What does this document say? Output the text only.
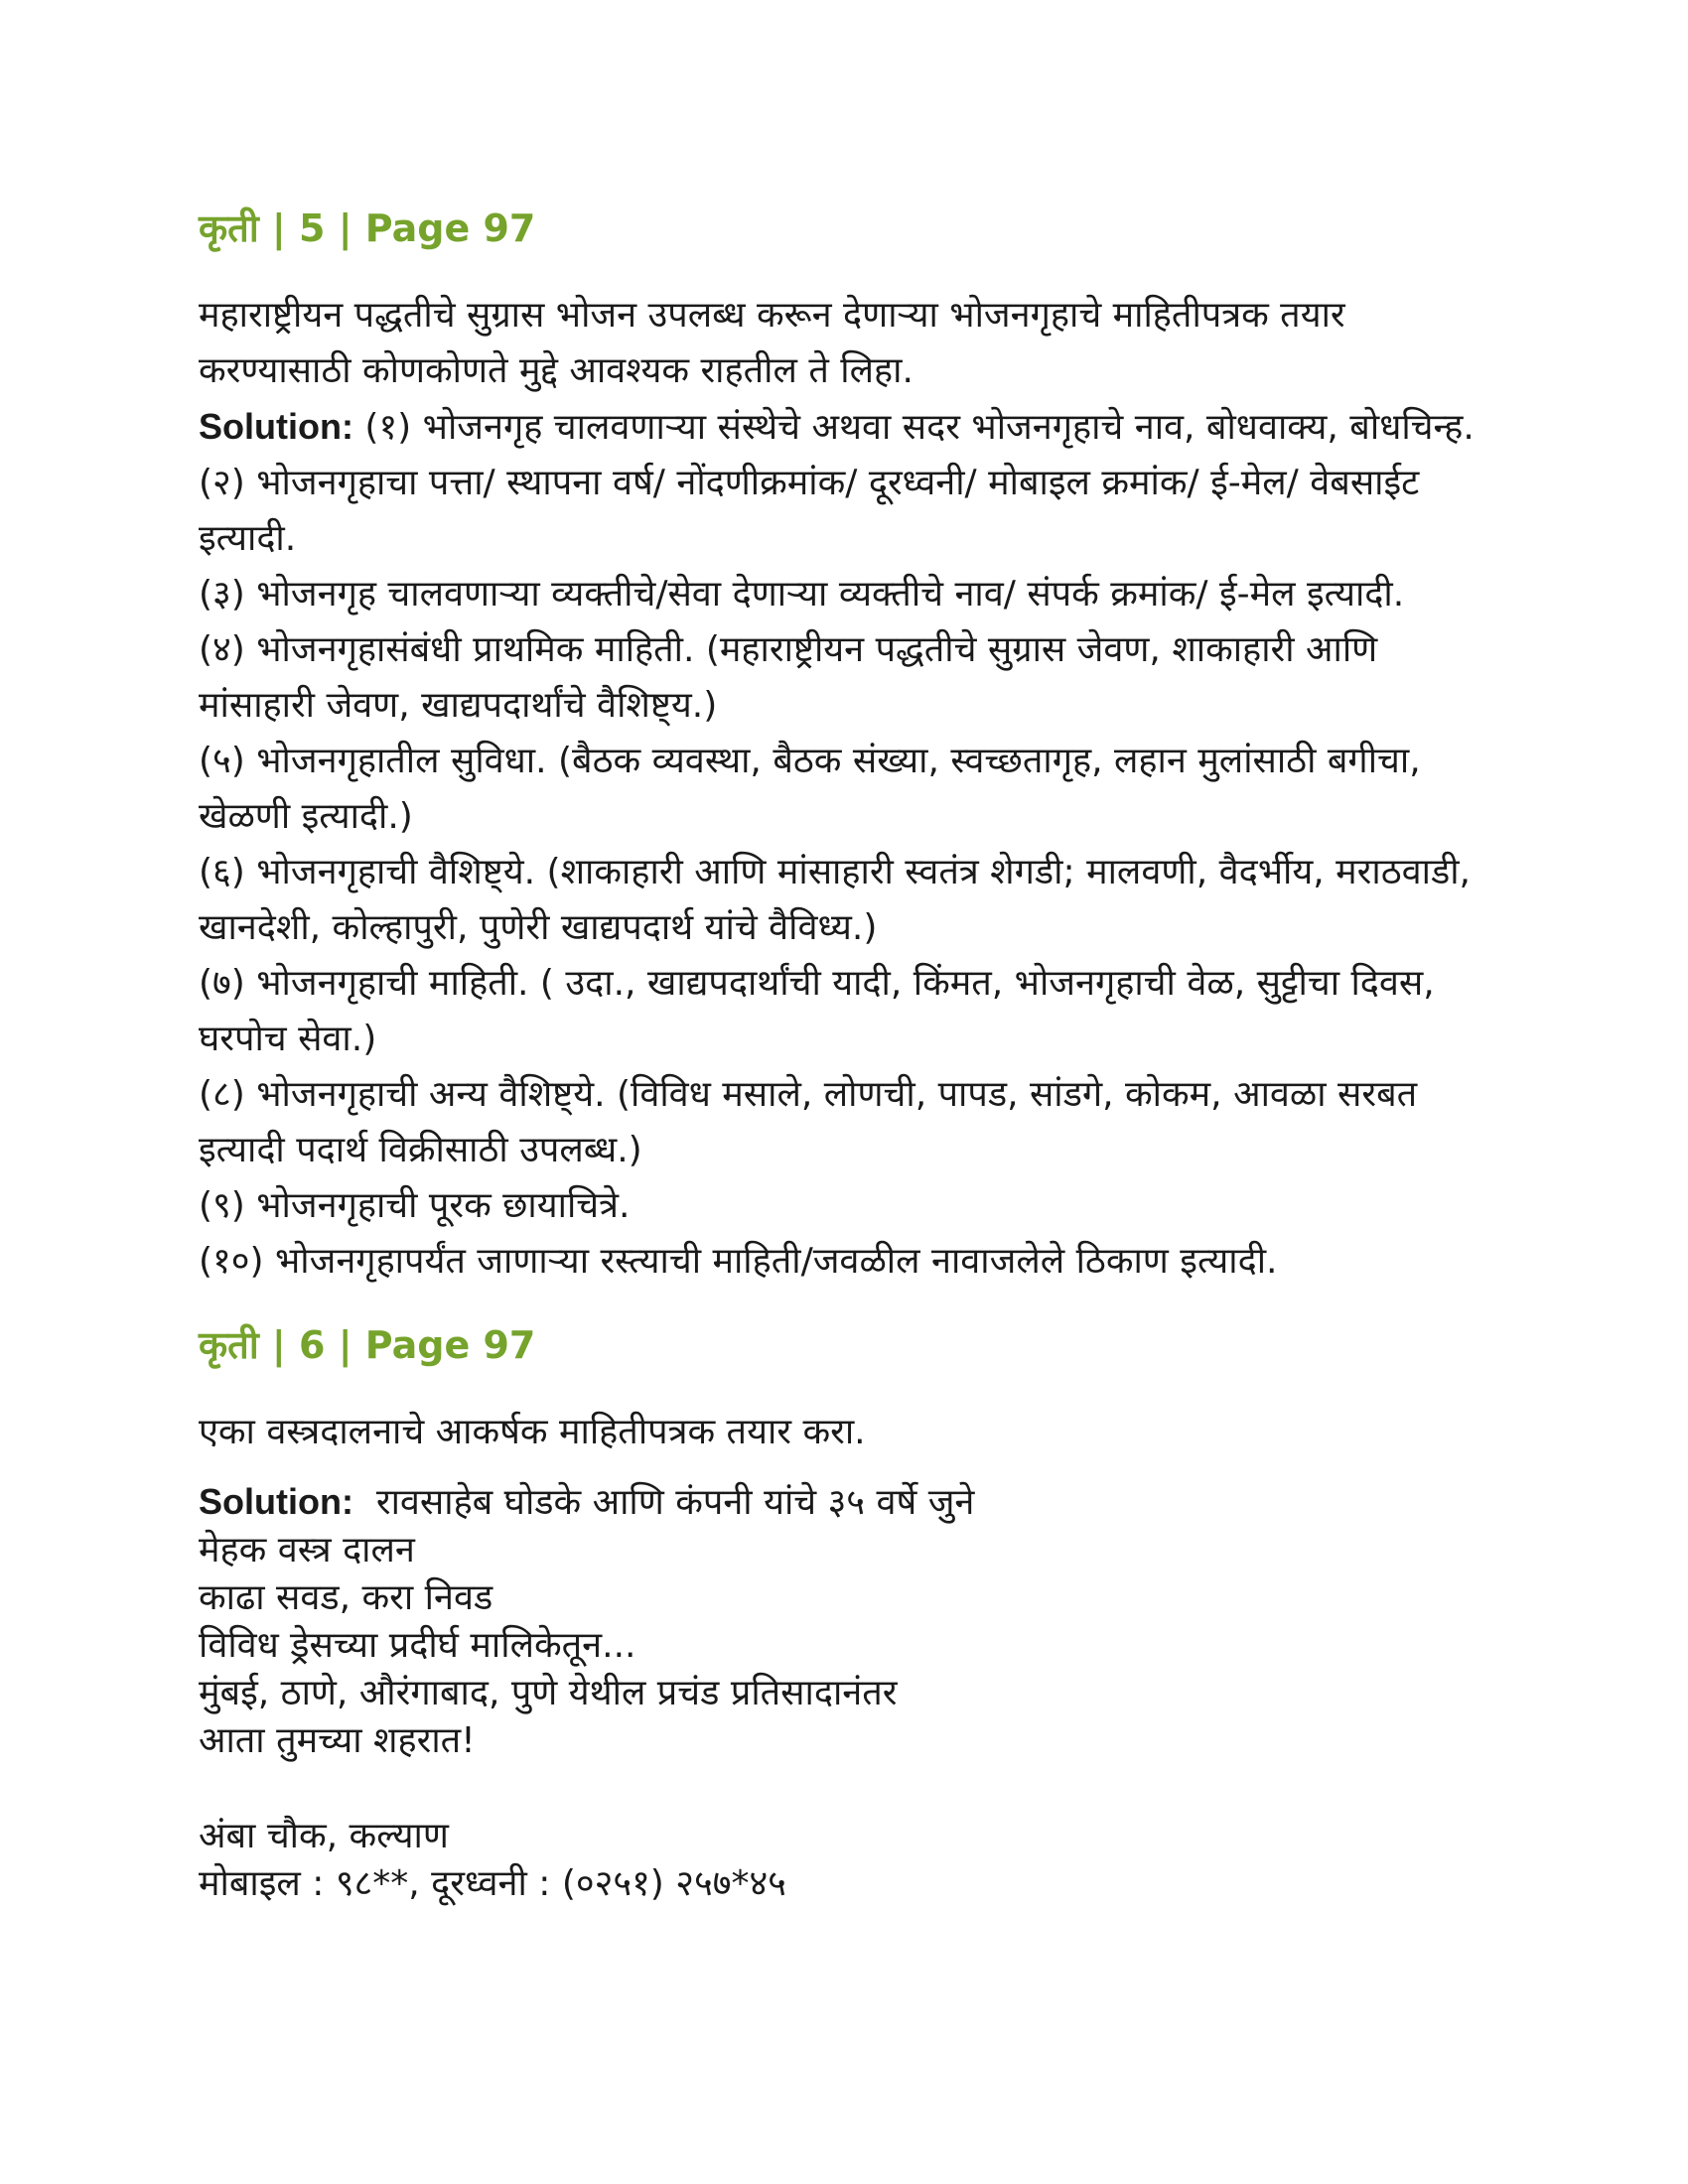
कृती | 5 | Page 97

महाराष्ट्रीयन पद्धतीचे सुग्रास भोजन उपलब्ध करून देणाऱ्या भोजनगृहाचे माहितीपत्रक तयार करण्यासाठी कोणकोणते मुद्दे आवश्यक राहतील ते लिहा.

Solution: (१) भोजनगृह चालवणाऱ्या संस्थेचे अथवा सदर भोजनगृहाचे नाव, बोधवाक्य, बोधचिन्ह.

(२) भोजनगृहाचा पत्ता/ स्थापना वर्ष/ नोंदणीक्रमांक/ दूरध्वनी/ मोबाइल क्रमांक/ ई-मेल/ वेबसाईट इत्यादी.

(३) भोजनगृह चालवणाऱ्या व्यक्तीचे/सेवा देणाऱ्या व्यक्तीचे नाव/ संपर्क क्रमांक/ ई-मेल इत्यादी.

(४) भोजनगृहासंबंधी प्राथमिक माहिती. (महाराष्ट्रीयन पद्धतीचे सुग्रास जेवण, शाकाहारी आणि मांसाहारी जेवण, खाद्यपदार्थांचे वैशिष्ट्य.)

(५) भोजनगृहातील सुविधा. (बैठक व्यवस्था, बैठक संख्या, स्वच्छतागृह, लहान मुलांसाठी बगीचा, खेळणी इत्यादी.)

(६) भोजनगृहाची वैशिष्ट्ये. (शाकाहारी आणि मांसाहारी स्वतंत्र शेगडी; मालवणी, वैदर्भीय, मराठवाडी, खानदेशी, कोल्हापुरी, पुणेरी खाद्यपदार्थ यांचे वैविध्य.)

(७) भोजनगृहाची माहिती. ( उदा., खाद्यपदार्थांची यादी, किंमत, भोजनगृहाची वेळ, सुट्टीचा दिवस, घरपोच सेवा.)

(८) भोजनगृहाची अन्य वैशिष्ट्ये. (विविध मसाले, लोणची, पापड, सांडगे, कोकम, आवळा सरबत इत्यादी पदार्थ विक्रीसाठी उपलब्ध.)

(९) भोजनगृहाची पूरक छायाचित्रे.

(१०) भोजनगृहापर्यंत जाणाऱ्या रस्त्याची माहिती/जवळील नावाजलेले ठिकाण इत्यादी.

कृती | 6 | Page 97

एका वस्त्रदालनाचे आकर्षक माहितीपत्रक तयार करा.

Solution: रावसाहेब घोडके आणि कंपनी यांचे ३५ वर्षे जुने

मेहक वस्त्र दालन

काढा सवड, करा निवड

विविध ड्रेसच्या प्रदीर्घ मालिकेतून...

मुंबई, ठाणे, औरंगाबाद, पुणे येथील प्रचंड प्रतिसादानंतर

आता तुमच्या शहरात!

अंबा चौक, कल्याण

मोबाइल : ९८**, दूरध्वनी : (०२५१) २५७*४५
